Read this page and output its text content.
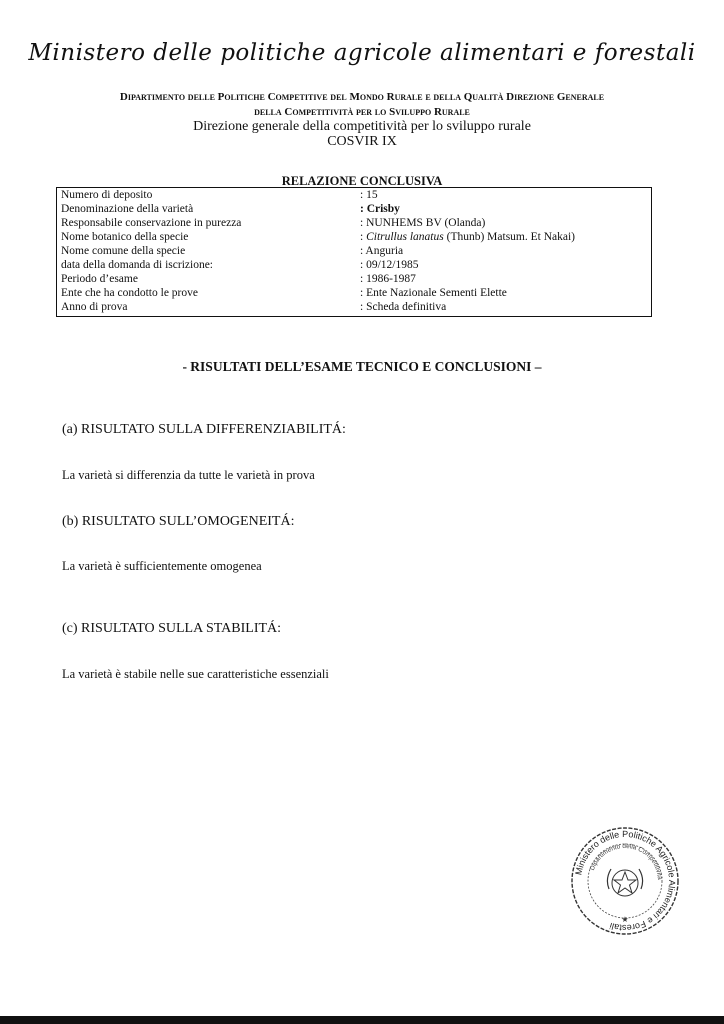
Ministero delle politiche agricole alimentari e forestali
Dipartimento delle Politiche Competitive del Mondo Rurale e della Qualità Direzione Generale
della Competitività per lo Sviluppo Rurale
Direzione generale della competitività per lo sviluppo rurale
COSVIR IX
RELAZIONE CONCLUSIVA
Numero di deposito	: 15
Denominazione della varietà	: Crisby
Responsabile conservazione in purezza	: NUNHEMS BV (Olanda)
Nome botanico della specie	: Citrullus lanatus (Thunb) Matsum. Et Nakai)
Nome comune della specie	: Anguria
data della domanda di iscrizione:	: 09/12/1985
Periodo d’esame	: 1986-1987
Ente che ha condotto le prove	: Ente Nazionale Sementi Elette
Anno di prova	: Scheda definitiva
- RISULTATI DELL’ESAME TECNICO E CONCLUSIONI –
(a) RISULTATO SULLA DIFFERENZIABILITÁ:
La varietà si differenzia da tutte le varietà in prova
(b) RISULTATO SULL’OMOGENEITÁ:
La varietà è sufficientemente omogenea
(c) RISULTATO SULLA STABILITÁ:
La varietà è stabile nelle sue caratteristiche essenziali
Ministero delle Politiche Agricole Alimentari e Forestali
Dipartimento della Competitività
★
